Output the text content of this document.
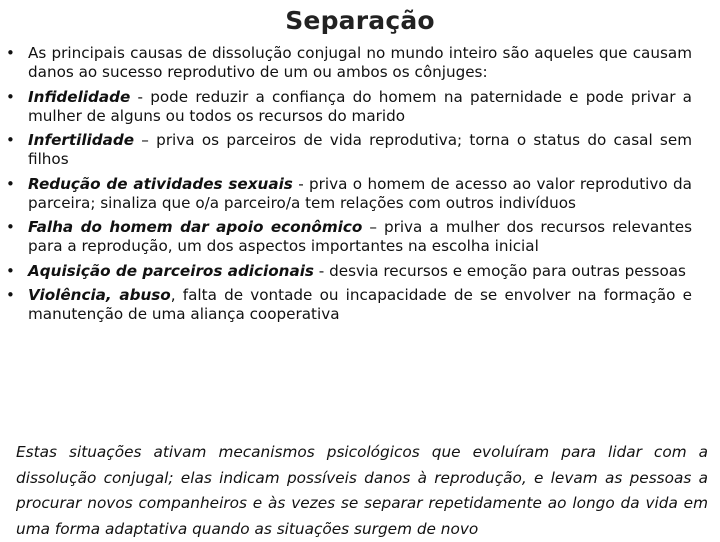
Separação
• As principais causas de dissolução conjugal no mundo inteiro são aqueles que causam danos ao sucesso reprodutivo de um ou ambos os cônjuges:
• Infidelidade - pode reduzir a confiança do homem na paternidade e pode privar a mulher de alguns ou todos os recursos do marido
• Infertilidade – priva os parceiros de vida reprodutiva; torna o status do casal sem filhos
• Redução de atividades sexuais - priva o homem de acesso ao valor reprodutivo da parceira; sinaliza que o/a parceiro/a tem relações com outros indivíduos
• Falha do homem dar apoio econômico – priva a mulher dos recursos relevantes para a reprodução, um dos aspectos importantes na escolha inicial
• Aquisição de parceiros adicionais - desvia recursos e emoção para outras pessoas
• Violência, abuso, falta de vontade ou incapacidade de se envolver na formação e manutenção de uma aliança cooperativa

Estas situações ativam mecanismos psicológicos que evoluíram para lidar com a dissolução conjugal; elas indicam possíveis danos à reprodução, e levam as pessoas a procurar novos companheiros e às vezes se separar repetidamente ao longo da vida em uma forma adaptativa quando as situações surgem de novo
